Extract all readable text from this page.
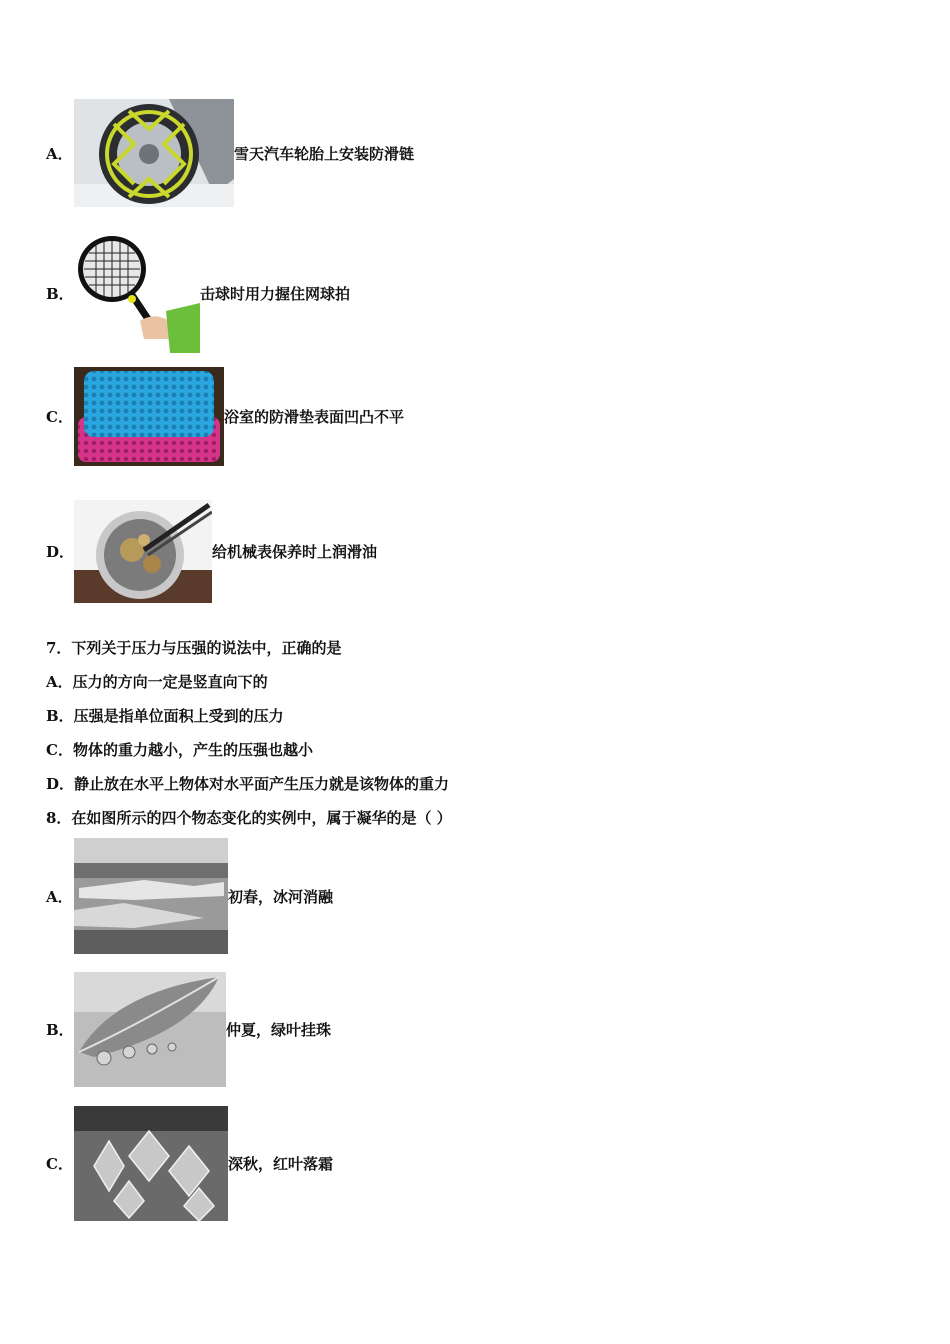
A．	雪天汽车轮胎上安装防滑链
B．	击球时用力握住网球拍
C．	浴室的防滑垫表面凹凸不平
D．	给机械表保养时上润滑油
7．下列关于压力与压强的说法中，正确的是
A．压力的方向一定是竖直向下的
B．压强是指单位面积上受到的压力
C．物体的重力越小，产生的压强也越小
D．静止放在水平上物体对水平面产生压力就是该物体的重力
8．在如图所示的四个物态变化的实例中，属于凝华的是（ ）
A．	初春，冰河消融
B．	仲夏，绿叶挂珠
C．	深秋，红叶落霜
